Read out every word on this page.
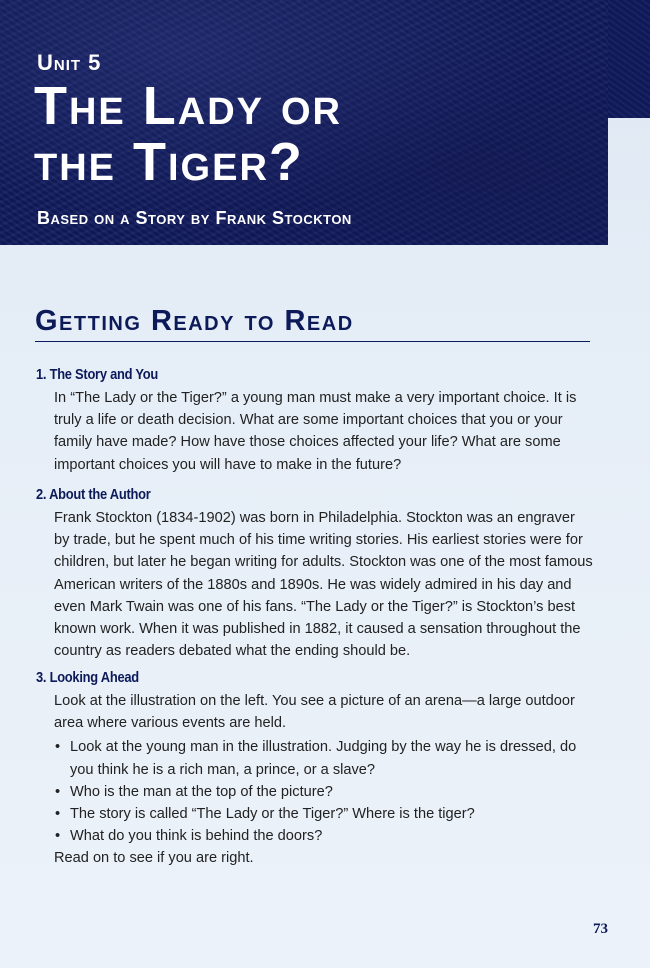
Unit 5
The Lady or
the Tiger?
Based on a Story by Frank Stockton
Getting Ready to Read
1. The Story and You

In “The Lady or the Tiger?” a young man must make a very important choice. It is truly a life or death decision. What are some important choices that you or your family have made? How have those choices affected your life? What are some important choices you will have to make in the future?

2. About the Author

Frank Stockton (1834-1902) was born in Philadelphia. Stockton was an engraver by trade, but he spent much of his time writing stories. His earliest stories were for children, but later he began writing for adults. Stockton was one of the most famous American writers of the 1880s and 1890s. He was widely admired in his day and even Mark Twain was one of his fans. “The Lady or the Tiger?” is Stockton’s best known work. When it was published in 1882, it caused a sensation throughout the country as readers debated what the ending should be.

3. Looking Ahead

Look at the illustration on the left. You see a picture of an arena—a large outdoor area where various events are held.

• Look at the young man in the illustration. Judging by the way he is dressed, do you think he is a rich man, a prince, or a slave?
• Who is the man at the top of the picture?
• The story is called “The Lady or the Tiger?” Where is the tiger?
• What do you think is behind the doors?

Read on to see if you are right.

73
